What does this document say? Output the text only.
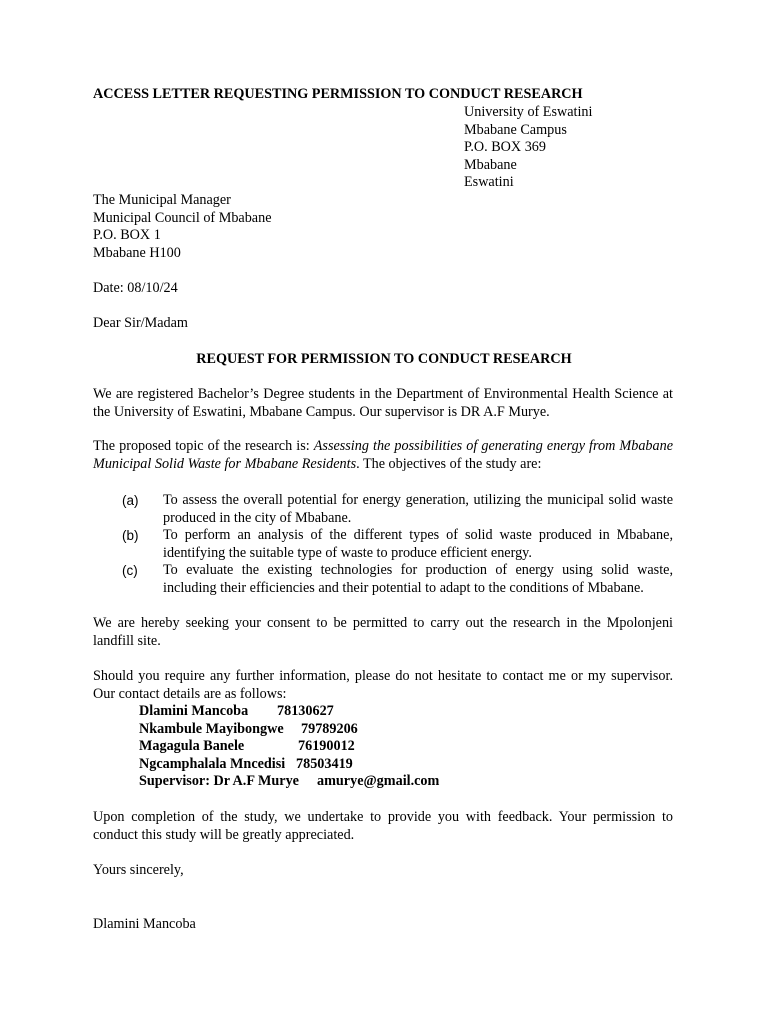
ACCESS LETTER REQUESTING PERMISSION TO CONDUCT RESEARCH
University of Eswatini
Mbabane Campus
P.O. BOX 369
Mbabane
Eswatini
The Municipal Manager
Municipal Council of Mbabane
P.O. BOX 1
Mbabane H100
Date: 08/10/24
Dear Sir/Madam
REQUEST FOR PERMISSION TO CONDUCT RESEARCH
We are registered Bachelor’s Degree students in the Department of Environmental Health Science at the University of Eswatini, Mbabane Campus. Our supervisor is DR A.F Murye.
The proposed topic of the research is: Assessing the possibilities of generating energy from Mbabane Municipal Solid Waste for Mbabane Residents. The objectives of the study are:
(a) To assess the overall potential for energy generation, utilizing the municipal solid waste produced in the city of Mbabane.
(b) To perform an analysis of the different types of solid waste produced in Mbabane, identifying the suitable type of waste to produce efficient energy.
(c) To evaluate the existing technologies for production of energy using solid waste, including their efficiencies and their potential to adapt to the conditions of Mbabane.
We are hereby seeking your consent to be permitted to carry out the research in the Mpolonjeni landfill site.
Should you require any further information, please do not hesitate to contact me or my supervisor. Our contact details are as follows:
Dlamini Mancoba 78130627
Nkambule Mayibongwe 79789206
Magagula Banele	76190012
Ngcamphalala Mncedisi 78503419
Supervisor: Dr A.F Murye amurye@gmail.com
Upon completion of the study, we undertake to provide you with feedback. Your permission to conduct this study will be greatly appreciated.
Yours sincerely,
Dlamini Mancoba
